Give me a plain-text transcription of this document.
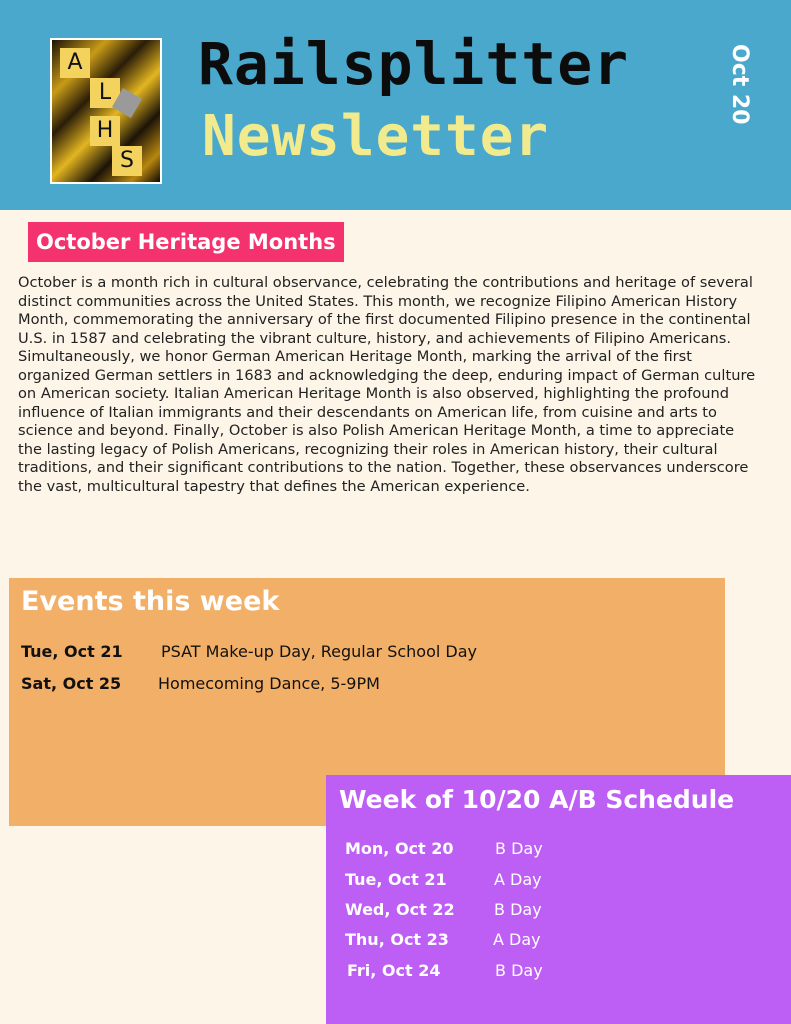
A
L
H
S
Railsplitter
Newsletter
Oct 20
October Heritage Months
October is a month rich in cultural observance, celebrating the contributions and heritage of several distinct communities across the United States. This month, we recognize Filipino American History Month, commemorating the anniversary of the first documented Filipino presence in the continental U.S. in 1587 and celebrating the vibrant culture, history, and achievements of Filipino Americans. Simultaneously, we honor German American Heritage Month, marking the arrival of the first organized German settlers in 1683 and acknowledging the deep, enduring impact of German culture on American society. Italian American Heritage Month is also observed, highlighting the profound influence of Italian immigrants and their descendants on American life, from cuisine and arts to science and beyond. Finally, October is also Polish American Heritage Month, a time to appreciate the lasting legacy of Polish Americans, recognizing their roles in American history, their cultural traditions, and their significant contributions to the nation. Together, these observances underscore the vast, multicultural tapestry that defines the American experience.
Events this week
Tue, Oct 21 PSAT Make-up Day, Regular School Day
Sat, Oct 25 Homecoming Dance, 5-9PM
Week of 10/20 A/B Schedule
Mon, Oct 20	B Day
Tue, Oct 21	A Day
Wed, Oct 22 B Day
Thu, Oct 23	A Day
Fri, Oct 24	B Day
